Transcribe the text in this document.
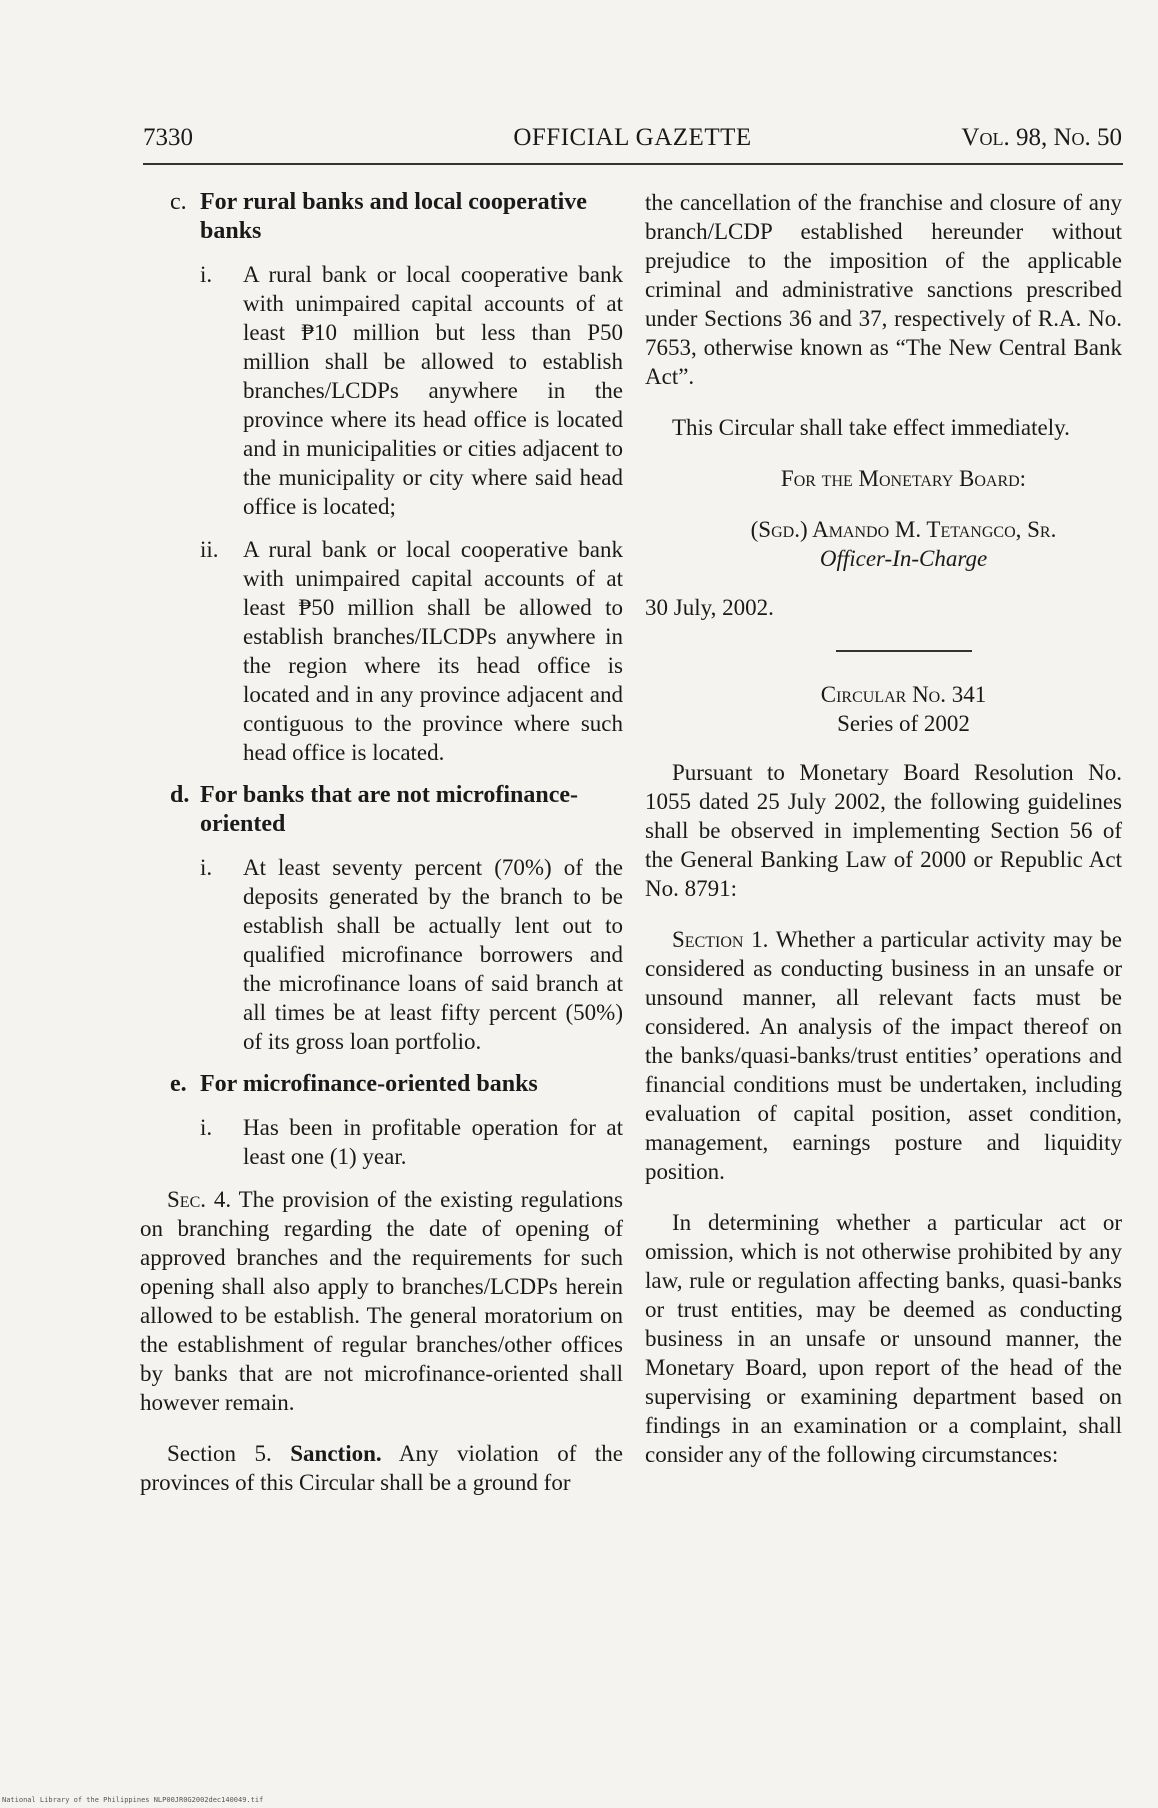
7330	OFFICIAL GAZETTE	Vol. 98, No. 50
c. For rural banks and local cooperative banks
i. A rural bank or local cooperative bank with unimpaired capital accounts of at least ₱10 million but less than P50 million shall be allowed to establish branches/LCDPs anywhere in the province where its head office is located and in municipalities or cities adjacent to the municipality or city where said head office is located;
ii. A rural bank or local cooperative bank with unimpaired capital accounts of at least ₱50 million shall be allowed to establish branches/ILCDPs anywhere in the region where its head office is located and in any province adjacent and contiguous to the province where such head office is located.
d. For banks that are not microfinance-oriented
i. At least seventy percent (70%) of the deposits generated by the branch to be establish shall be actually lent out to qualified microfinance borrowers and the microfinance loans of said branch at all times be at least fifty percent (50%) of its gross loan portfolio.
e. For microfinance-oriented banks
i. Has been in profitable operation for at least one (1) year.

Sec. 4. The provision of the existing regulations on branching regarding the date of opening of approved branches and the requirements for such opening shall also apply to branches/LCDPs herein allowed to be establish. The general moratorium on the establishment of regular branches/other offices by banks that are not microfinance-oriented shall however remain.

Section 5. Sanction. Any violation of the provinces of this Circular shall be a ground for

the cancellation of the franchise and closure of any branch/LCDP established hereunder without prejudice to the imposition of the applicable criminal and administrative sanctions prescribed under Sections 36 and 37, respectively of R.A. No. 7653, otherwise known as “The New Central Bank Act”.

This Circular shall take effect immediately.

For the Monetary Board:

(Sgd.) Amando M. Tetangco, Sr.
Officer-In-Charge

30 July, 2002.

Circular No. 341
Series of 2002

Pursuant to Monetary Board Resolution No. 1055 dated 25 July 2002, the following guidelines shall be observed in implementing Section 56 of the General Banking Law of 2000 or Republic Act No. 8791:

Section 1. Whether a particular activity may be considered as conducting business in an unsafe or unsound manner, all relevant facts must be considered. An analysis of the impact thereof on the banks/quasi-banks/trust entities’ operations and financial conditions must be undertaken, including evaluation of capital position, asset condition, management, earnings posture and liquidity position.

In determining whether a particular act or omission, which is not otherwise prohibited by any law, rule or regulation affecting banks, quasi-banks or trust entities, may be deemed as conducting business in an unsafe or unsound manner, the Monetary Board, upon report of the head of the supervising or examining department based on findings in an examination or a complaint, shall consider any of the following circumstances:

National Library of the Philippines NLP00JR0G2002dec140049.tif
